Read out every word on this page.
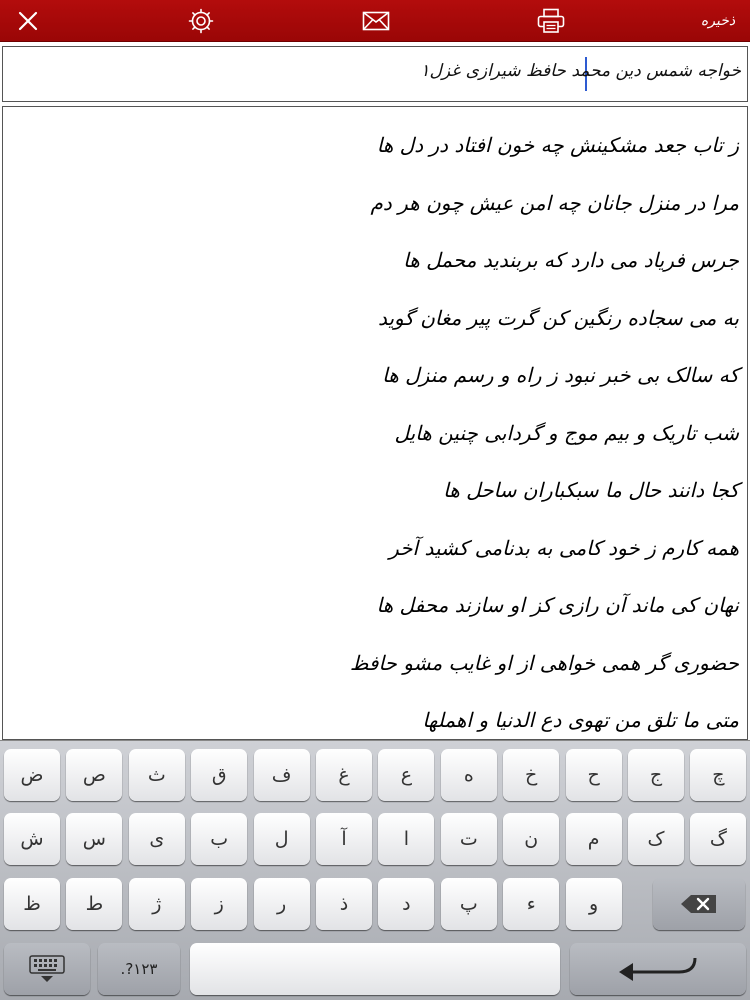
ذخیره
خواجه شمس دین محمد حافظ شیرازی غزل۱
ز تاب جعد مشکینش چه خون افتاد در دل ها
مرا در منزل جانان چه امن عیش چون هر دم
جرس فریاد می دارد که بربندید محمل ها
به می سجاده رنگین کن گرت پیر مغان گوید
که سالک بی خبر نبود ز راه و رسم منزل ها
شب تاریک و بیم موج و گردابی چنین هایل
کجا دانند حال ما سبکباران ساحل ها
همه کارم ز خود کامی به بدنامی کشید آخر
نهان کی ماند آن رازی کز او سازند محفل ها
حضوری گر همی خواهی از او غایب مشو حافظ
متی ما تلق من تهوی دع الدنیا و اهملها
ض	ص	ث	ق	ف	غ	ع	ه	خ	ح	ج	چ
ش	س	ی	ب	ل	آ	ا	ت	ن	م	ک	گ
ظ	ط	ژ	ز	ر	ذ	د	پ	ء	و
.?۱۲۳
